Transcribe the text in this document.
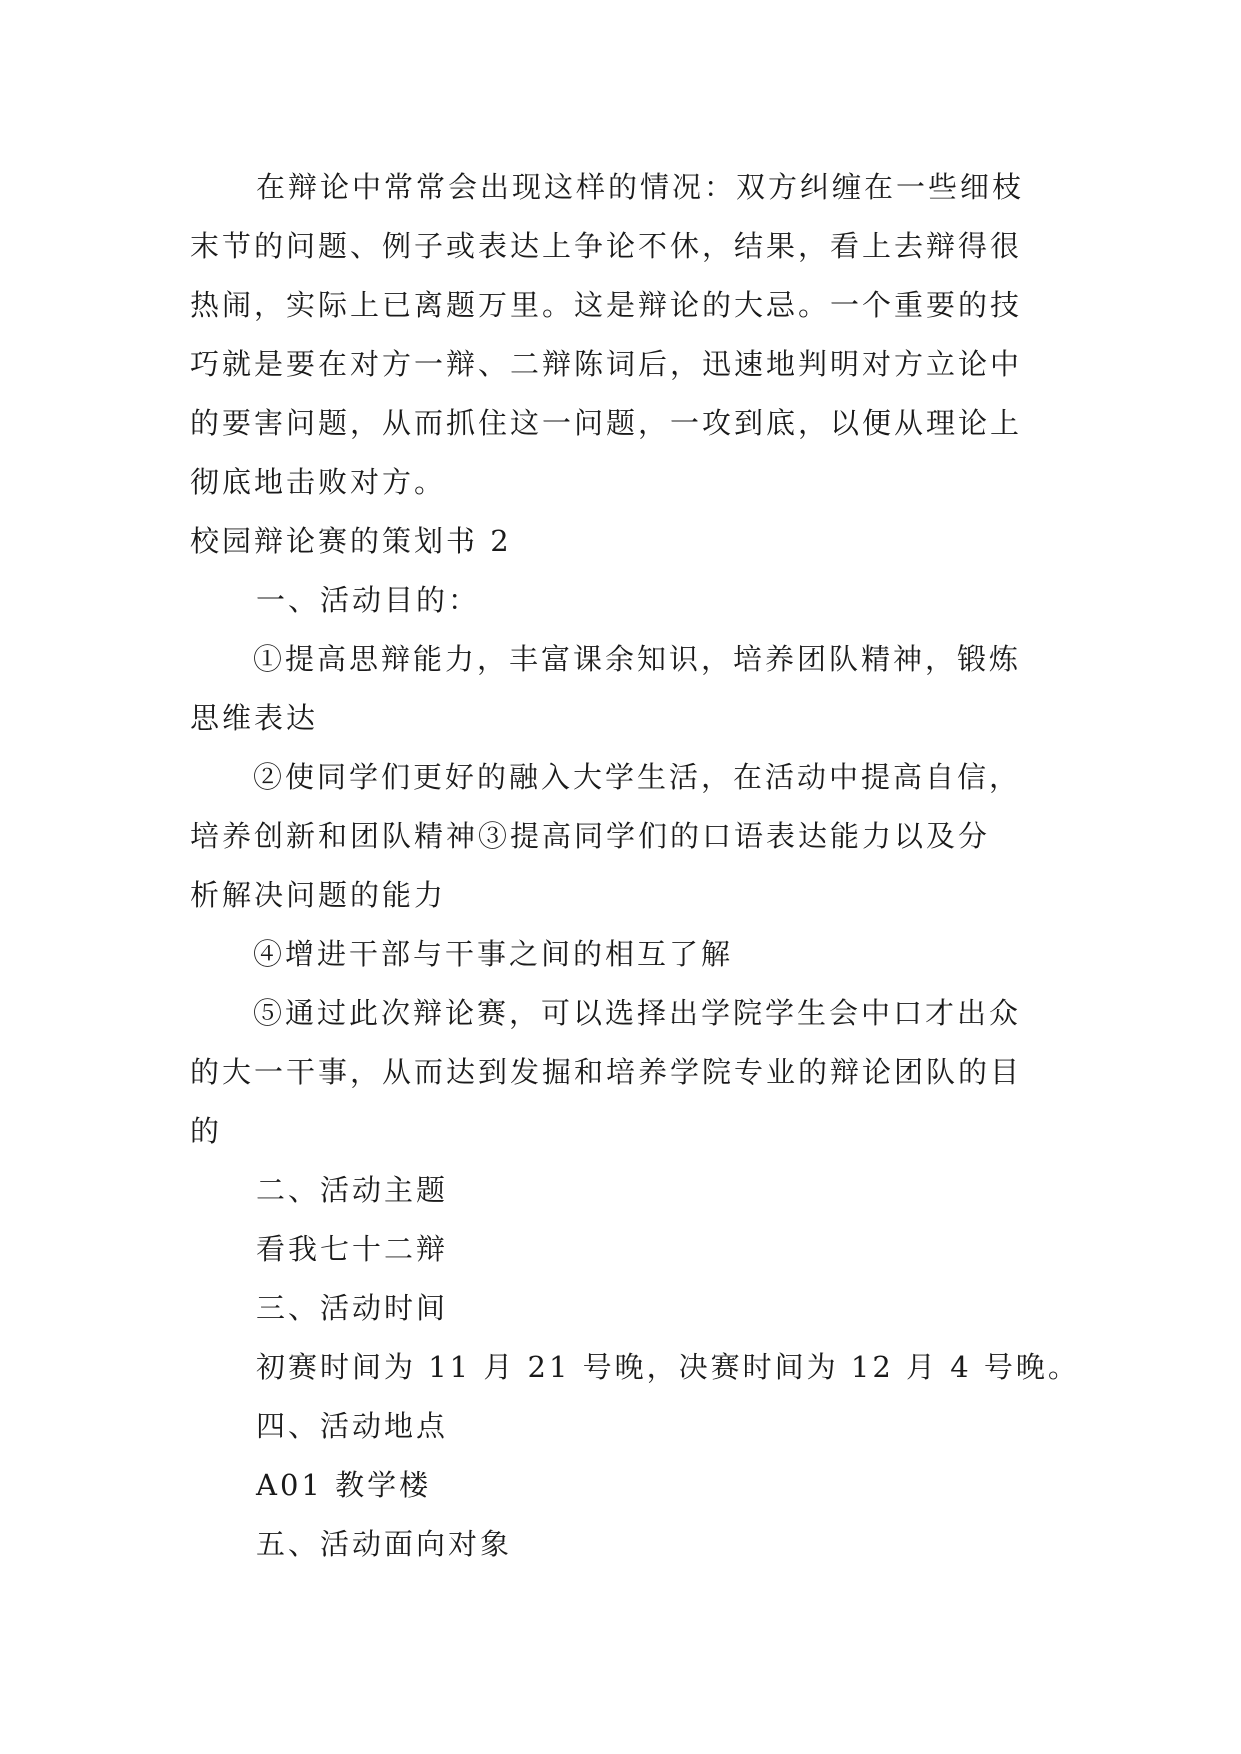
在辩论中常常会出现这样的情况：双方纠缠在一些细枝
末节的问题、例子或表达上争论不休，结果，看上去辩得很
热闹，实际上已离题万里。这是辩论的大忌。一个重要的技
巧就是要在对方一辩、二辩陈词后，迅速地判明对方立论中
的要害问题，从而抓住这一问题，一攻到底，以便从理论上
彻底地击败对方。
校园辩论赛的策划书 2
一、活动目的：
①提高思辩能力，丰富课余知识，培养团队精神，锻炼
思维表达
②使同学们更好的融入大学生活，在活动中提高自信，
培养创新和团队精神③提高同学们的口语表达能力以及分
析解决问题的能力
④增进干部与干事之间的相互了解
⑤通过此次辩论赛，可以选择出学院学生会中口才出众
的大一干事，从而达到发掘和培养学院专业的辩论团队的目
的
二、活动主题
看我七十二辩
三、活动时间
初赛时间为 11 月 21 号晚，决赛时间为 12 月 4 号晚。
四、活动地点
A01 教学楼
五、活动面向对象
